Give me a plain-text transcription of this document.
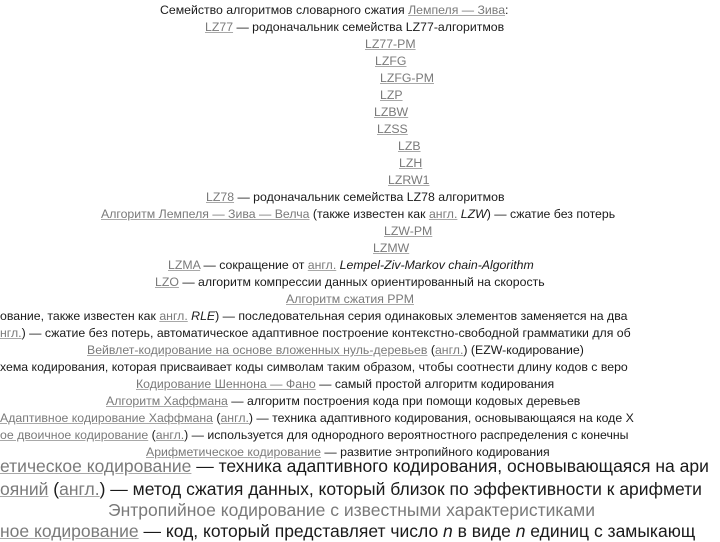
Семейство алгоритмов словарного сжатия Лемпеля — Зива:
LZ77 — родоначальник семейства LZ77-алгоритмов
LZ77-PM
LZFG
LZFG-PM
LZP
LZBW
LZSS
LZB
LZH
LZRW1
LZ78 — родоначальник семейства LZ78 алгоритмов
Алгоритм Лемпеля — Зива — Велча (также известен как англ. LZW) — сжатие без потерь
LZW-PM
LZMW
LZMA — сокращение от англ. Lempel-Ziv-Markov chain-Algorithm
LZO — алгоритм компрессии данных ориентированный на скорость
Алгоритм сжатия PPM
ование, также известен как англ. RLE) — последовательная серия одинаковых элементов заменяется на два
нгл.) — сжатие без потерь, автоматическое адаптивное построение контекстно-свободной грамматики для об
Вейвлет-кодирование на основе вложенных нуль-деревьев (англ.) (EZW-кодирование)
хема кодирования, которая присваивает коды символам таким образом, чтобы соотнести длину кодов с веро
Кодирование Шеннона — Фано — самый простой алгоритм кодирования
Алгоритм Хаффмана — алгоритм построения кода при помощи кодовых деревьев
Адаптивное кодирование Хаффмана (англ.) — техника адаптивного кодирования, основывающаяся на коде Х
ое двоичное кодирование (англ.) — используется для однородного вероятностного распределения с конечны
Арифметическое кодирование — развитие энтропийного кодирования
етическое кодирование — техника адаптивного кодирования, основывающаяся на ари
ояний (англ.) — метод сжатия данных, который близок по эффективности к арифмети
Энтропийное кодирование с известными характеристиками
ное кодирование — код, который представляет число n в виде n единиц с замыкающ
